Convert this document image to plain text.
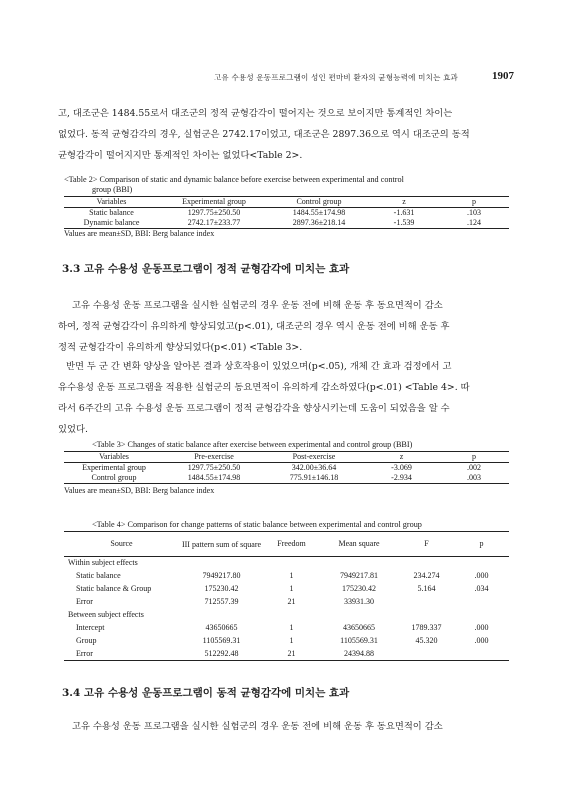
고유 수용성 운동프로그램이 성인 편마비 환자의 균형능력에 미치는 효과	1907

고, 대조군은 1484.55로서 대조군의 정적 균형감각이 떨어지는 것으로 보이지만 통계적인 차이는
없었다. 동적 균형감각의 경우, 실험군은 2742.17이었고, 대조군은 2897.36으로 역시 대조군의 동적
균형감각이 떨어지지만 통계적인 차이는 없었다<Table 2>.

<Table 2> Comparison of static and dynamic balance before exercise between experimental and control
group (BBI)
Variables	Experimental group	Control group	z	p
Static balance	1297.75±250.50	1484.55±174.98	-1.631	.103
Dynamic balance	2742.17±233.77	2897.36±218.14	-1.539	.124
Values are mean±SD, BBI: Berg balance index
3.3 고유 수용성 운동프로그램이 정적 균형감각에 미치는 효과

고유 수용성 운동 프로그램을 실시한 실험군의 경우 운동 전에 비해 운동 후 동요면적이 감소
하여, 정적 균형감각이 유의하게 향상되었고(p<.01), 대조군의 경우 역시 운동 전에 비해 운동 후
정적 균형감각이 유의하게 향상되었다(p<.01) <Table 3>.

반면 두 군 간 변화 양상을 알아본 결과 상호작용이 있었으며(p<.05), 개체 간 효과 검정에서 고
유수용성 운동 프로그램을 적용한 실험군의 동요면적이 유의하게 감소하였다(p<.01) <Table 4>. 따
라서 6주간의 고유 수용성 운동 프로그램이 정적 균형감각을 향상시키는데 도움이 되었음을 알 수
있었다.

<Table 3> Changes of static balance after exercise between experimental and control group (BBI)
Variables	Pre-exercise	Post-exercise	z	p
Experimental group	1297.75±250.50	342.00±36.64	-3.069	.002
Control group	1484.55±174.98	775.91±146.18	-2.934	.003
Values are mean±SD, BBI: Berg balance index
<Table 4> Comparison for change patterns of static balance between experimental and control group
Source	III pattern sum of square	Freedom	Mean square	F	p
Within subject effects					
Static balance	7949217.80	1	7949217.81	234.274	.000
Static balance & Group	175230.42	1	175230.42	5.164	.034
Error	712557.39	21	33931.30		
Between subject effects					
Intercept	43650665	1	43650665	1789.337	.000
Group	1105569.31	1	1105569.31	45.320	.000
Error	512292.48	21	24394.88		
3.4 고유 수용성 운동프로그램이 동적 균형감각에 미치는 효과

고유 수용성 운동 프로그램을 실시한 실험군의 경우 운동 전에 비해 운동 후 동요면적이 감소
